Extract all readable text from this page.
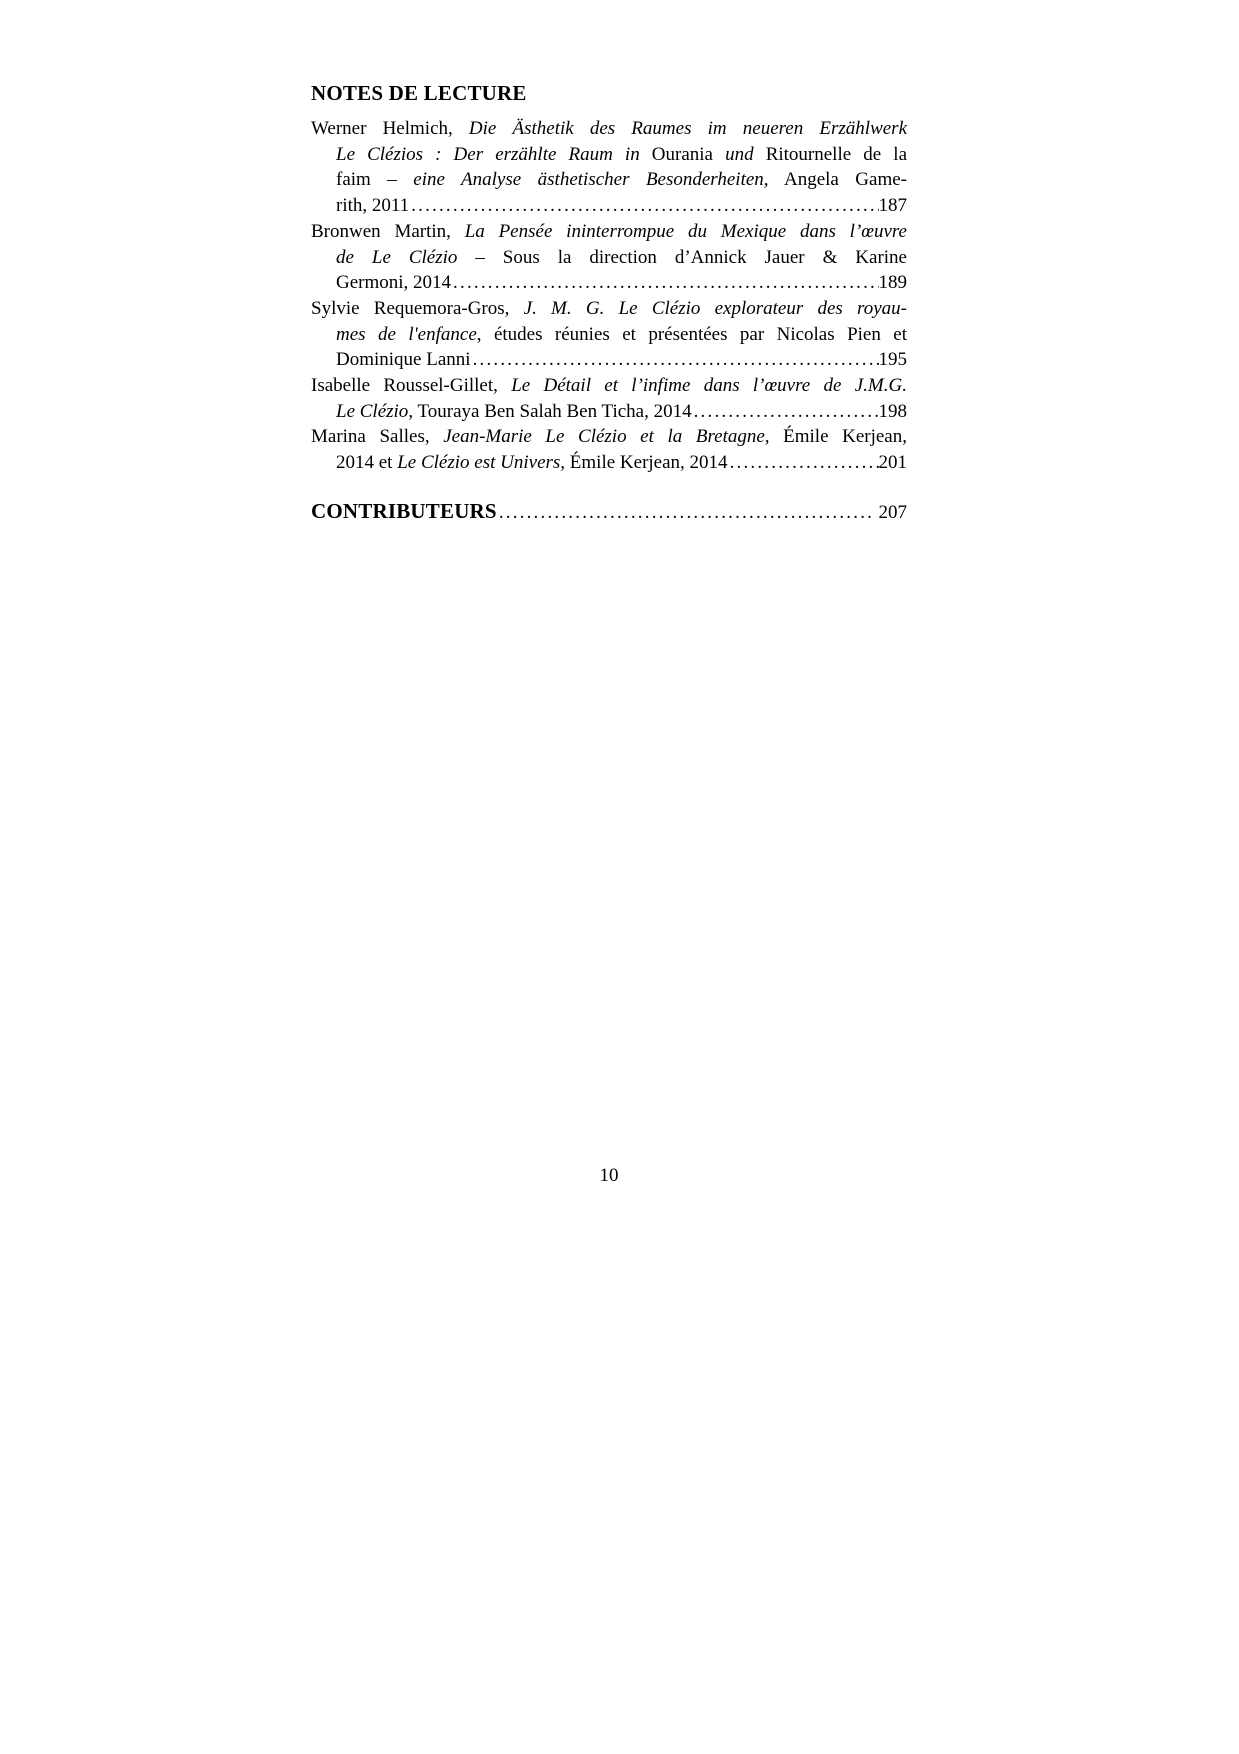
NOTES DE LECTURE
Werner Helmich, Die Ästhetik des Raumes im neueren Erzählwerk
Le Clézios : Der erzählte Raum in Ourania und Ritournelle de la
faim – eine Analyse ästhetischer Besonderheiten, Angela Game-
rith, 2011 .....	187
Bronwen Martin, La Pensée ininterrompue du Mexique dans l’œuvre
de Le Clézio – Sous la direction d’Annick Jauer & Karine
Germoni, 2014 .....	189
Sylvie Requemora-Gros, J. M. G. Le Clézio explorateur des royau-
mes de l'enfance, études réunies et présentées par Nicolas Pien et
Dominique Lanni .....	195
Isabelle Roussel-Gillet, Le Détail et l’infime dans l’œuvre de J.M.G.
Le Clézio, Touraya Ben Salah Ben Ticha, 2014 .....	198
Marina Salles, Jean-Marie Le Clézio et la Bretagne, Émile Kerjean,
2014 et Le Clézio est Univers, Émile Kerjean, 2014 .....	201
CONTRIBUTEURS .....	207
10
